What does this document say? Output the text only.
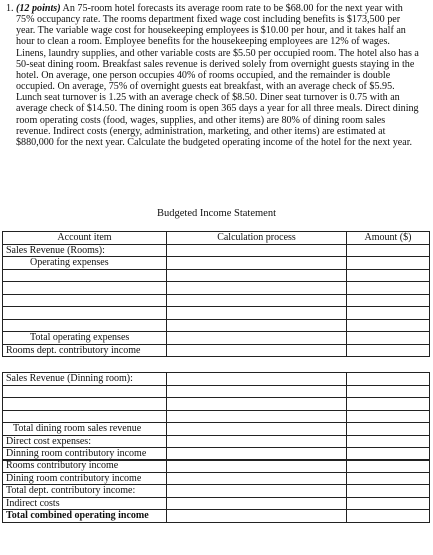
1. (12 points) An 75-room hotel forecasts its average room rate to be $68.00 for the next year with 75% occupancy rate. The rooms department fixed wage cost including benefits is $173,500 per year. The variable wage cost for housekeeping employees is $10.00 per hour, and it takes half an hour to clean a room. Employee benefits for the housekeeping employees are 12% of wages. Linens, laundry supplies, and other variable costs are $5.50 per occupied room. The hotel also has a 50-seat dining room. Breakfast sales revenue is derived solely from overnight guests staying in the hotel. On average, one person occupies 40% of rooms occupied, and the remainder is double occupied. On average, 75% of overnight guests eat breakfast, with an average check of $5.95. Lunch seat turnover is 1.25 with an average check of $8.50. Diner seat turnover is 0.75 with an average check of $14.50. The dining room is open 365 days a year for all three meals. Direct dining room operating costs (food, wages, supplies, and other items) are 80% of dining room sales revenue. Indirect costs (energy, administration, marketing, and other items) are estimated at $880,000 for the next year. Calculate the budgeted operating income of the hotel for the next year.
Budgeted Income Statement
Account item	Calculation process	Amount ($)
Sales Revenue (Rooms):		
Operating expenses		

Total operating expenses		
Rooms dept. contributory income		
Sales Revenue (Dinning room):		

Total dining room sales revenue		
Direct cost expenses:		
Dinning room contributory income		
Rooms contributory income		
Dining room contributory income		
Total dept. contributory income:		
Indirect costs		
Total combined operating income		
